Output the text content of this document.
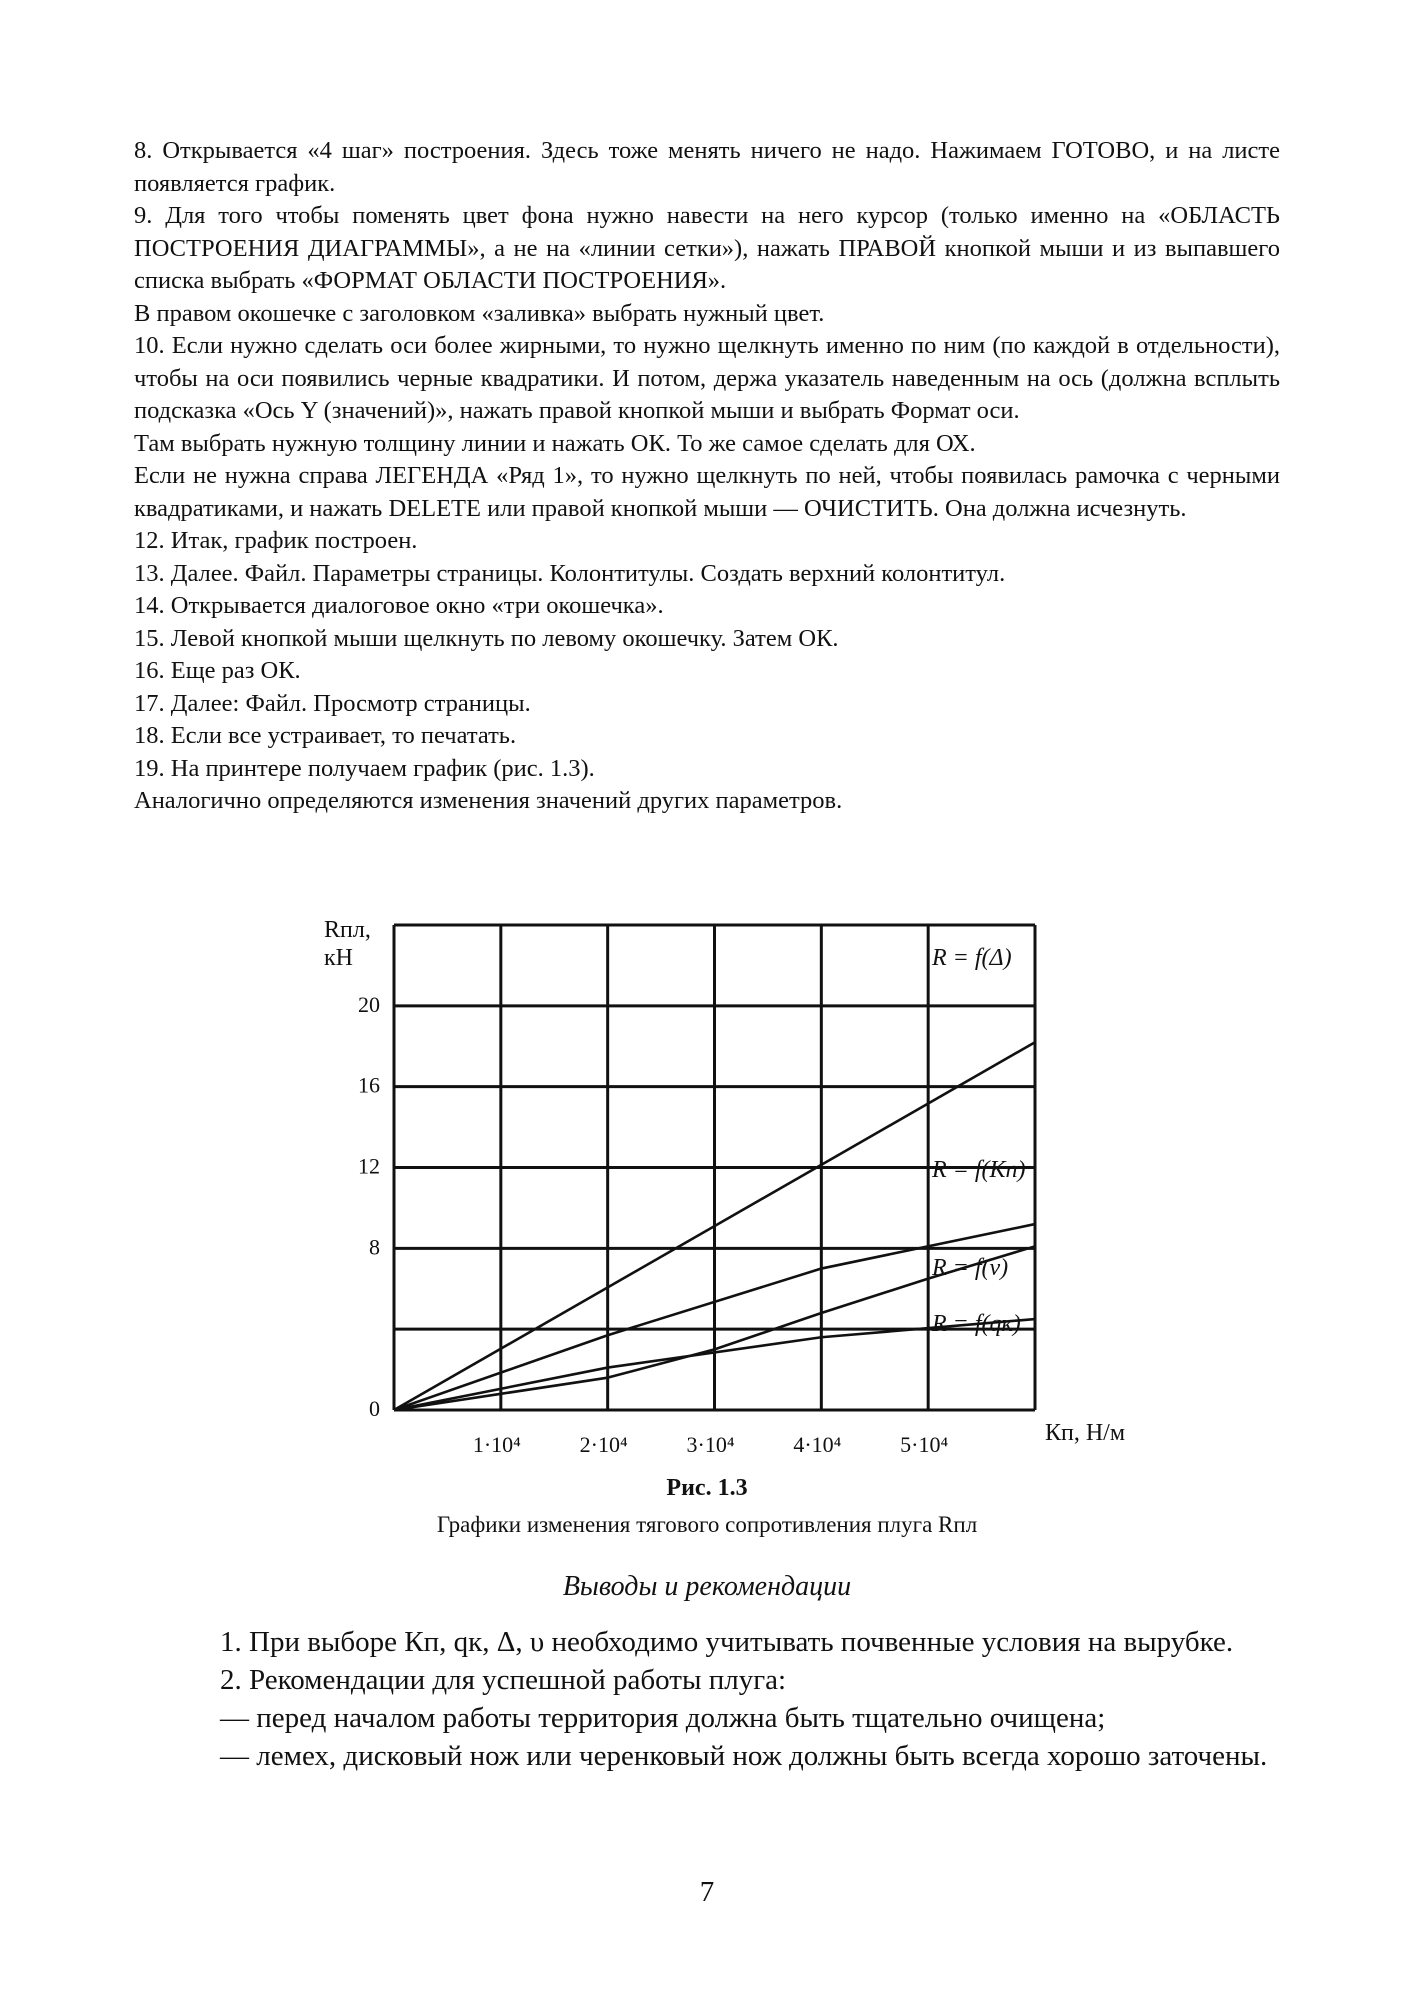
8. Открывается «4 шаг» построения. Здесь тоже менять ничего не надо. Нажимаем ГОТОВО, и на листе появляется график.

9. Для того чтобы поменять цвет фона нужно навести на него курсор (только именно на «ОБЛАСТЬ ПОСТРОЕНИЯ ДИАГРАММЫ», а не на «линии сетки»), нажать ПРАВОЙ кнопкой мыши и из выпавшего списка выбрать «ФОРМАТ ОБЛАСТИ ПОСТРОЕНИЯ».

В правом окошечке с заголовком «заливка» выбрать нужный цвет.

10. Если нужно сделать оси более жирными, то нужно щелкнуть именно по ним (по каждой в отдельности), чтобы на оси появились черные квадратики. И потом, держа указатель наведенным на ось (должна всплыть подсказка «Ось Y (значений)», нажать правой кнопкой мыши и выбрать Формат оси.

Там выбрать нужную толщину линии и нажать ОК. То же самое сделать для ОХ.

Если не нужна справа ЛЕГЕНДА «Ряд 1», то нужно щелкнуть по ней, чтобы появилась рамочка с черными квадратиками, и нажать DELETE или правой кнопкой мыши — ОЧИСТИТЬ. Она должна исчезнуть.

12. Итак, график построен.

13. Далее. Файл. Параметры страницы. Колонтитулы. Создать верхний колонтитул.

14. Открывается диалоговое окно «три окошечка».

15. Левой кнопкой мыши щелкнуть по левому окошечку. Затем ОК.

16. Еще раз ОК.

17. Далее: Файл. Просмотр страницы.

18. Если все устраивает, то печатать.

19. На принтере получаем график (рис. 1.3).

Аналогично определяются изменения значений других параметров.

0
8
12
16
20
1·10⁴	2·10⁴	3·10⁴	4·10⁴	5·10⁴
Rпл,
кН
Кп, Н/м
R = f(Δ)
R = f(Кп)
R = f(v)
R = f(qк)
Рис. 1.3
Графики изменения тягового сопротивления плуга Rпл
Выводы и рекомендации

1. При выборе Кп, qк, Δ, υ необходимо учитывать почвенные условия на вырубке.

2. Рекомендации для успешной работы плуга:

— перед началом работы территория должна быть тщательно очищена;

— лемех, дисковый нож или черенковый нож должны быть всегда хорошо заточены.

7
